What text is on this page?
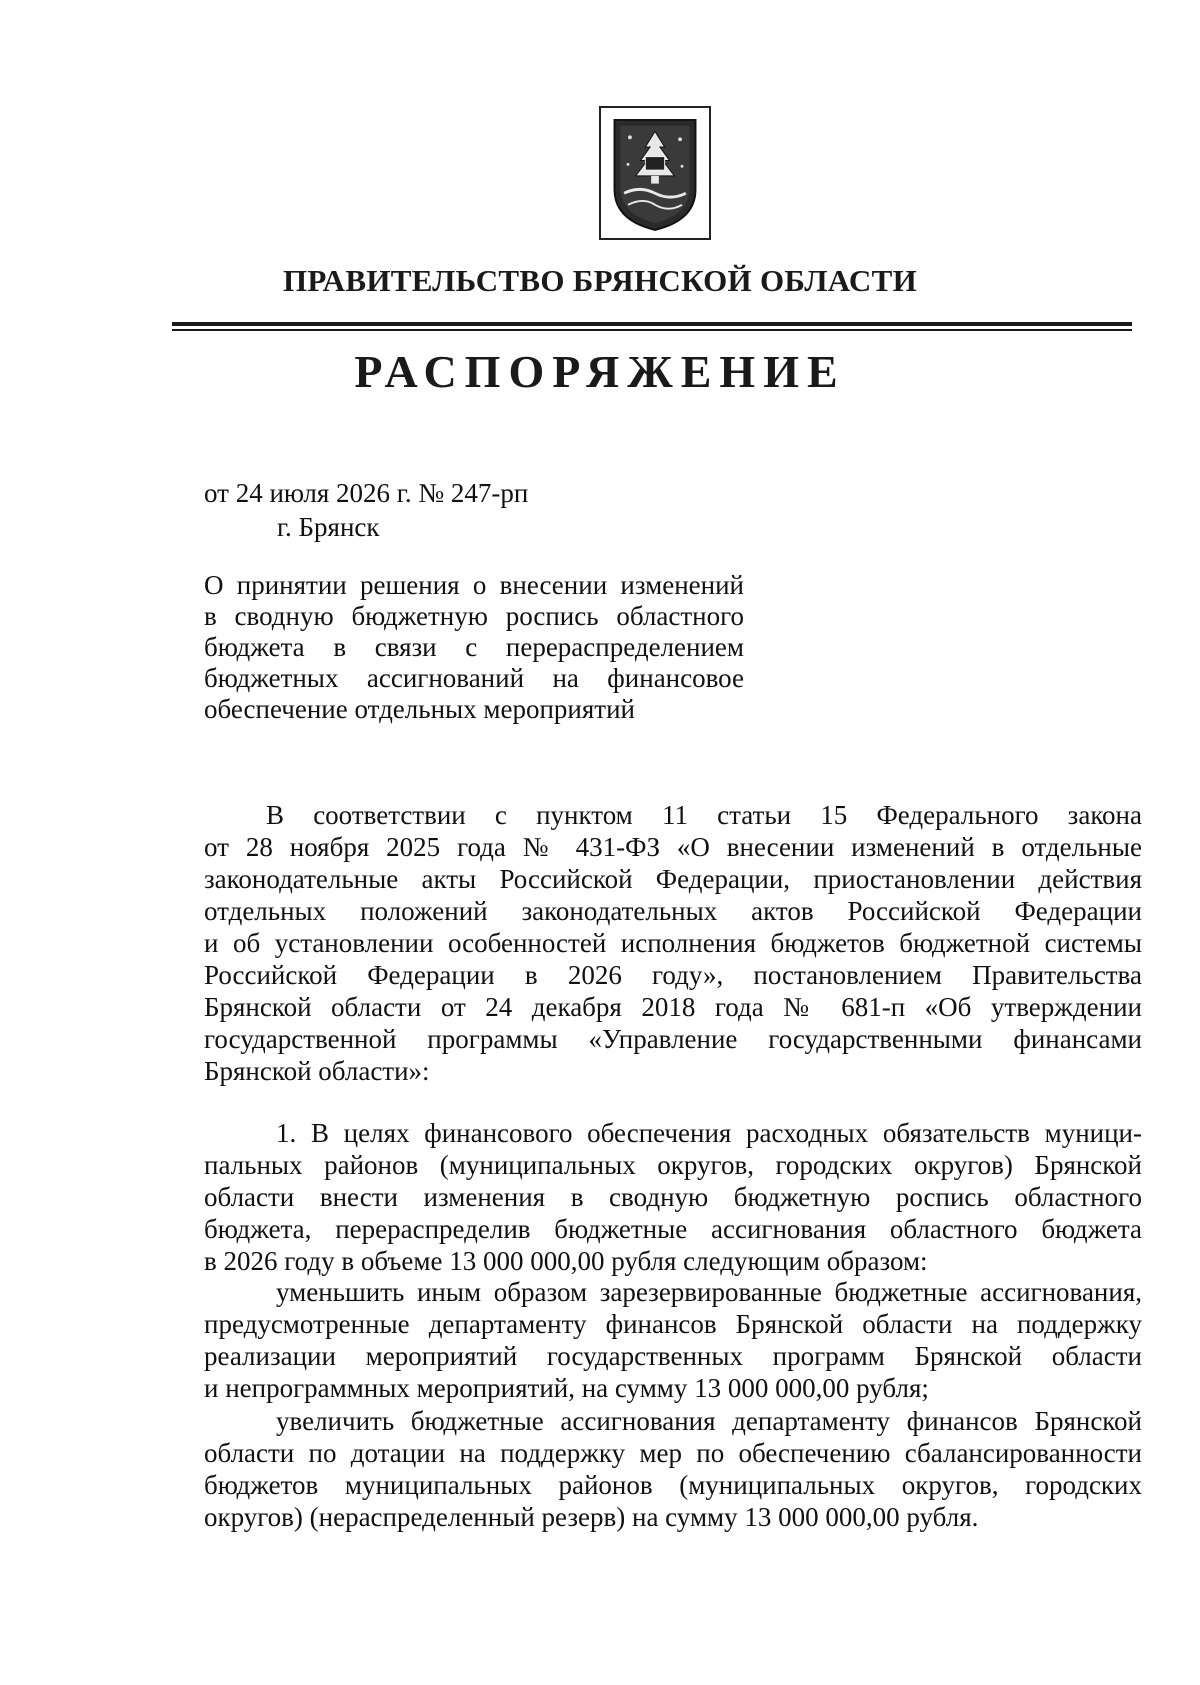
ПРАВИТЕЛЬСТВО БРЯНСКОЙ ОБЛАСТИ
РАСПОРЯЖЕНИЕ
от 24 июля 2026 г. № 247-рп
г. Брянск
О принятии решения о внесении изменений
в сводную бюджетную роспись областного
бюджета в связи с перераспределением
бюджетных ассигнований на финансовое
обеспечение отдельных мероприятий
В соответствии с пунктом 11 статьи 15 Федерального закона
от 28 ноября 2025 года № 431-ФЗ «О внесении изменений в отдельные
законодательные акты Российской Федерации, приостановлении действия
отдельных положений законодательных актов Российской Федерации
и об установлении особенностей исполнения бюджетов бюджетной системы
Российской Федерации в 2026 году», постановлением Правительства
Брянской области от 24 декабря 2018 года № 681-п «Об утверждении
государственной программы «Управление государственными финансами
Брянской области»:
1. В целях финансового обеспечения расходных обязательств муници-
пальных районов (муниципальных округов, городских округов) Брянской
области внести изменения в сводную бюджетную роспись областного
бюджета, перераспределив бюджетные ассигнования областного бюджета
в 2026 году в объеме 13 000 000,00 рубля следующим образом:
уменьшить иным образом зарезервированные бюджетные ассигнования,
предусмотренные департаменту финансов Брянской области на поддержку
реализации мероприятий государственных программ Брянской области
и непрограммных мероприятий, на сумму 13 000 000,00 рубля;
увеличить бюджетные ассигнования департаменту финансов Брянской
области по дотации на поддержку мер по обеспечению сбалансированности
бюджетов муниципальных районов (муниципальных округов, городских
округов) (нераспределенный резерв) на сумму 13 000 000,00 рубля.
